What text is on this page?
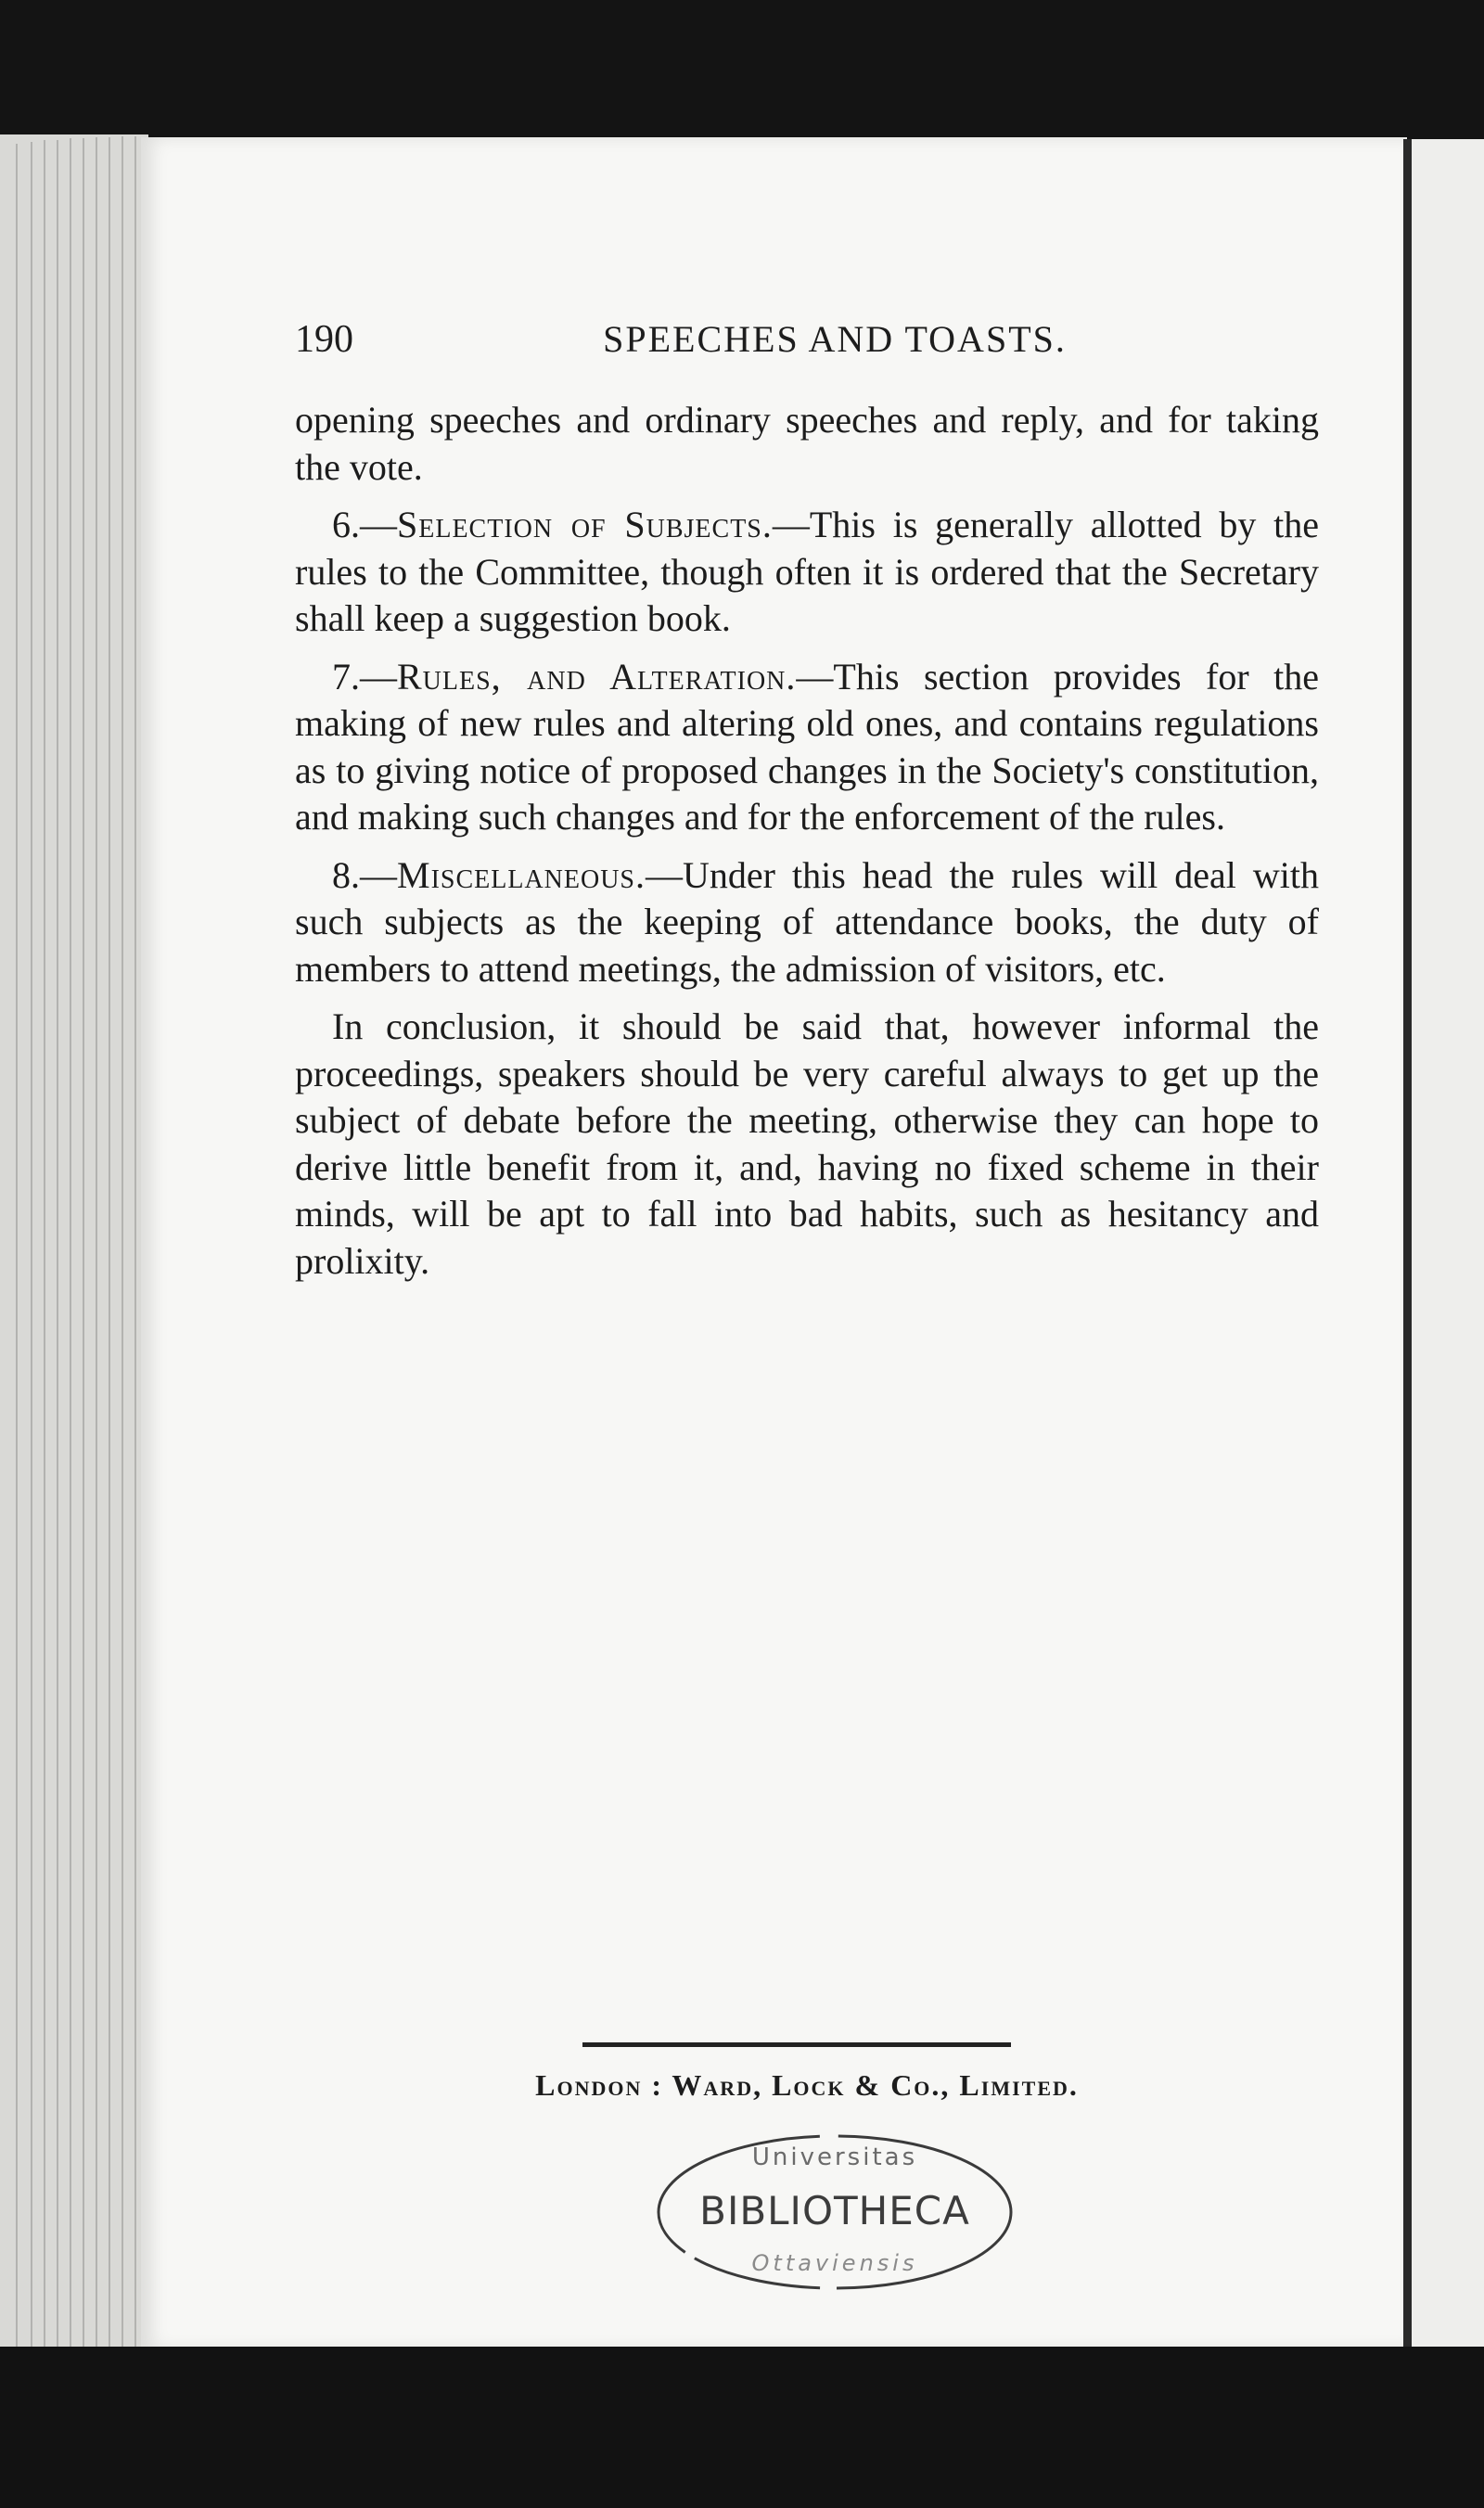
190	SPEECHES AND TOASTS.

opening speeches and ordinary speeches and reply, and for taking the vote.

6.—Selection of Subjects.—This is generally allotted by the rules to the Committee, though often it is ordered that the Secretary shall keep a suggestion book.

7.—Rules, and Alteration.—This section provides for the making of new rules and altering old ones, and contains regulations as to giving notice of proposed changes in the Society's constitution, and making such changes and for the enforcement of the rules.

8.—Miscellaneous.—Under this head the rules will deal with such subjects as the keeping of attendance books, the duty of members to attend meetings, the admission of visitors, etc.

In conclusion, it should be said that, however informal the proceedings, speakers should be very careful always to get up the subject of debate before the meeting, otherwise they can hope to derive little benefit from it, and, having no fixed scheme in their minds, will be apt to fall into bad habits, such as hesitancy and prolixity.

London : Ward, Lock & Co., Limited.
Universitas
BIBLIOTHECA
Ottaviensis
